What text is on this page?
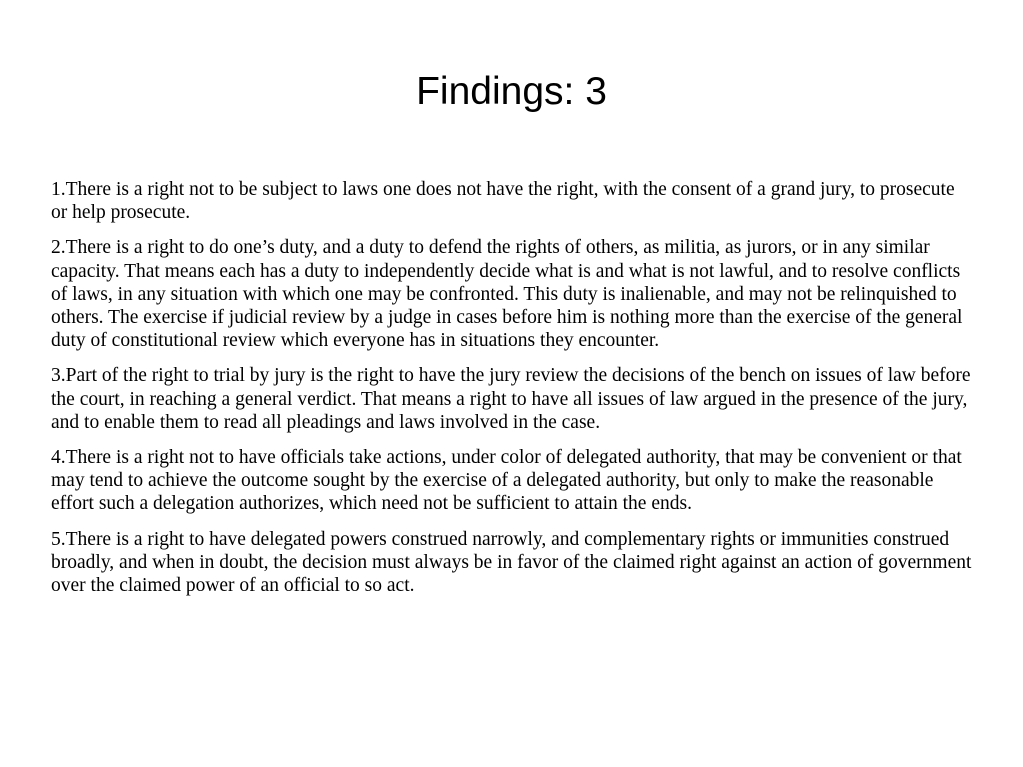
Findings: 3

1.There is a right not to be subject to laws one does not have the right, with the consent of a grand jury, to prosecute or help prosecute.

2.There is a right to do one’s duty, and a duty to defend the rights of others, as militia, as jurors, or in any similar capacity. That means each has a duty to independently decide what is and what is not lawful, and to resolve conflicts of laws, in any situation with which one may be confronted. This duty is inalienable, and may not be relinquished to others. The exercise if judicial review by a judge in cases before him is nothing more than the exercise of the general duty of constitutional review which everyone has in situations they encounter.

3.Part of the right to trial by jury is the right to have the jury review the decisions of the bench on issues of law before the court, in reaching a general verdict. That means a right to have all issues of law argued in the presence of the jury, and to enable them to read all pleadings and laws involved in the case.

4.There is a right not to have officials take actions, under color of delegated authority, that may be convenient or that may tend to achieve the outcome sought by the exercise of a delegated authority, but only to make the reasonable effort such a delegation authorizes, which need not be sufficient to attain the ends.

5.There is a right to have delegated powers construed narrowly, and complementary rights or immunities construed broadly, and when in doubt, the decision must always be in favor of the claimed right against an action of government over the claimed power of an official to so act.
